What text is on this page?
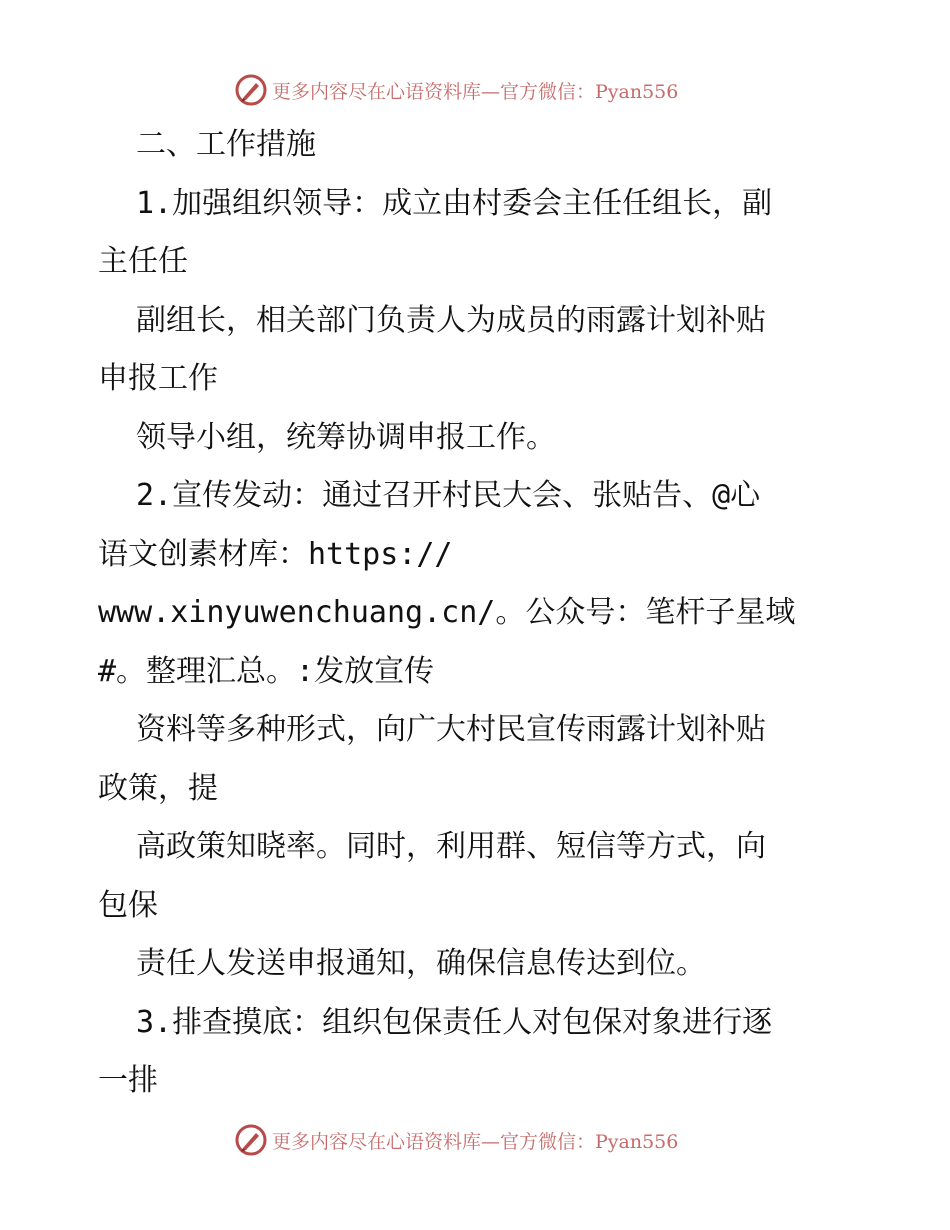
更多内容尽在心语资料库—官方微信：Pyan556
二、工作措施
1.加强组织领导：成立由村委会主任任组长，副
主任任
副组长，相关部门负责人为成员的雨露计划补贴
申报工作
领导小组，统筹协调申报工作。
2.宣传发动：通过召开村民大会、张贴告、@心
语文创素材库：https://
www.xinyuwenchuang.cn/。公众号：笔杆子星域
#。整理汇总。:发放宣传
资料等多种形式，向广大村民宣传雨露计划补贴
政策，提
高政策知晓率。同时，利用群、短信等方式，向
包保
责任人发送申报通知，确保信息传达到位。
3.排查摸底：组织包保责任人对包保对象进行逐
一排
更多内容尽在心语资料库—官方微信：Pyan556
